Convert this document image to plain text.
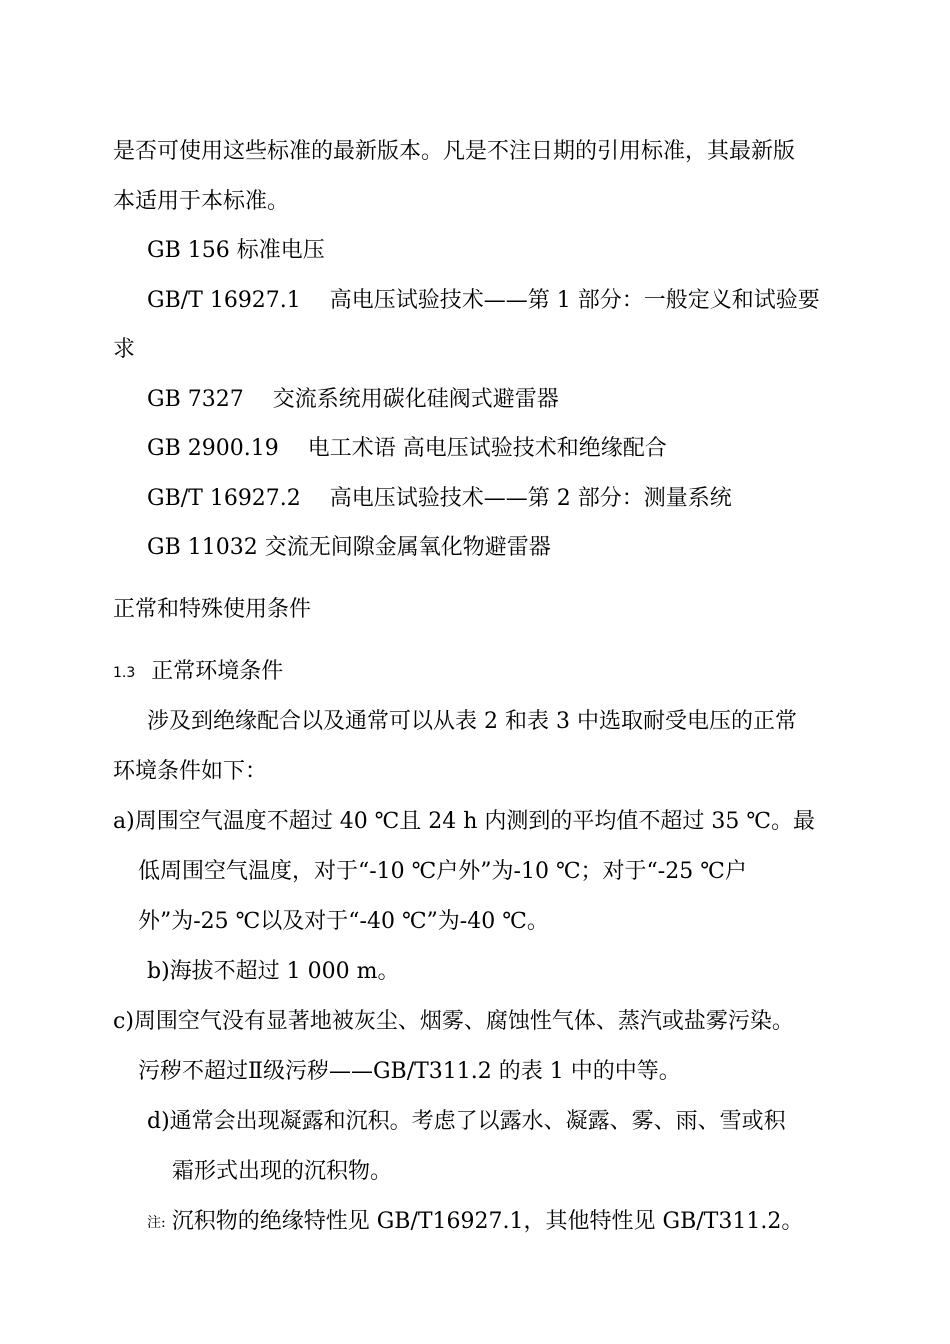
是否可使用这些标准的最新版本。凡是不注日期的引用标准，其最新版
本适用于本标准。
GB 156 标准电压
GB/T 16927.1　 高电压试验技术——第 1 部分：一般定义和试验要
求
GB 7327　 交流系统用碳化硅阀式避雷器
GB 2900.19　 电工术语 高电压试验技术和绝缘配合
GB/T 16927.2　 高电压试验技术——第 2 部分：测量系统
GB 11032 交流无间隙金属氧化物避雷器
正常和特殊使用条件
1.3 正常环境条件
涉及到绝缘配合以及通常可以从表 2 和表 3 中选取耐受电压的正常
环境条件如下：
a)周围空气温度不超过 40 ℃且 24 h 内测到的平均值不超过 35 ℃。最
低周围空气温度，对于“-10 ℃户外”为-10 ℃；对于“-25 ℃户
外”为-25 ℃以及对于“-40 ℃”为-40 ℃。
b)海拔不超过 1 000 m。
c)周围空气没有显著地被灰尘、烟雾、腐蚀性气体、蒸汽或盐雾污染。
污秽不超过Ⅱ级污秽——GB/T311.2 的表 1 中的中等。
d)通常会出现凝露和沉积。考虑了以露水、凝露、雾、雨、雪或积
霜形式出现的沉积物。
注: 沉积物的绝缘特性见 GB/T16927.1，其他特性见 GB/T311.2。
